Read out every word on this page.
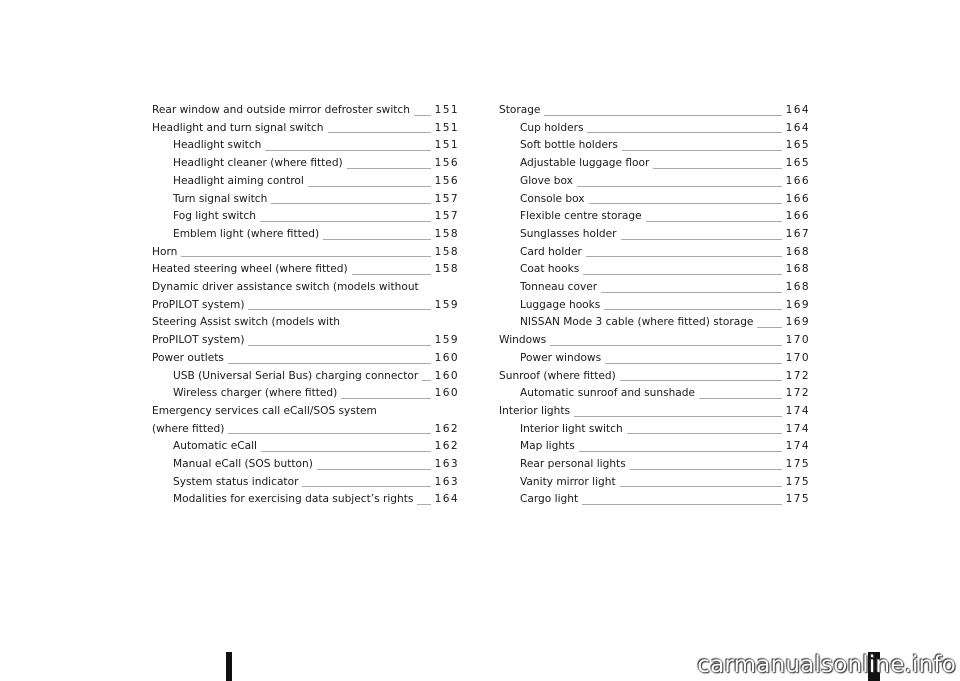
Rear window and outside mirror defroster switch 151
Headlight and turn signal switch	151
Headlight switch	151
Headlight cleaner (where fitted)	156
Headlight aiming control	156
Turn signal switch	157
Fog light switch	157
Emblem light (where fitted)	158
Horn	158
Heated steering wheel (where fitted)	158
Dynamic driver assistance switch (models without
ProPILOT system)	159
Steering Assist switch (models with
ProPILOT system)	159
Power outlets	160
USB (Universal Serial Bus) charging connector 160
Wireless charger (where fitted)	160
Emergency services call eCall/SOS system
(where fitted)	162
Automatic eCall	162
Manual eCall (SOS button)	163
System status indicator	163
Modalities for exercising data subject’s rights 164
Storage	164
Cup holders	164
Soft bottle holders	165
Adjustable luggage floor	165
Glove box	166
Console box	166
Flexible centre storage	166
Sunglasses holder	167
Card holder	168
Coat hooks	168
Tonneau cover	168
Luggage hooks	169
NISSAN Mode 3 cable (where fitted) storage	169
Windows	170
Power windows	170
Sunroof (where fitted)	172
Automatic sunroof and sunshade	172
Interior lights	174
Interior light switch	174
Map lights	174
Rear personal lights	175
Vanity mirror light	175
Cargo light	175
carmanualsonline.info
